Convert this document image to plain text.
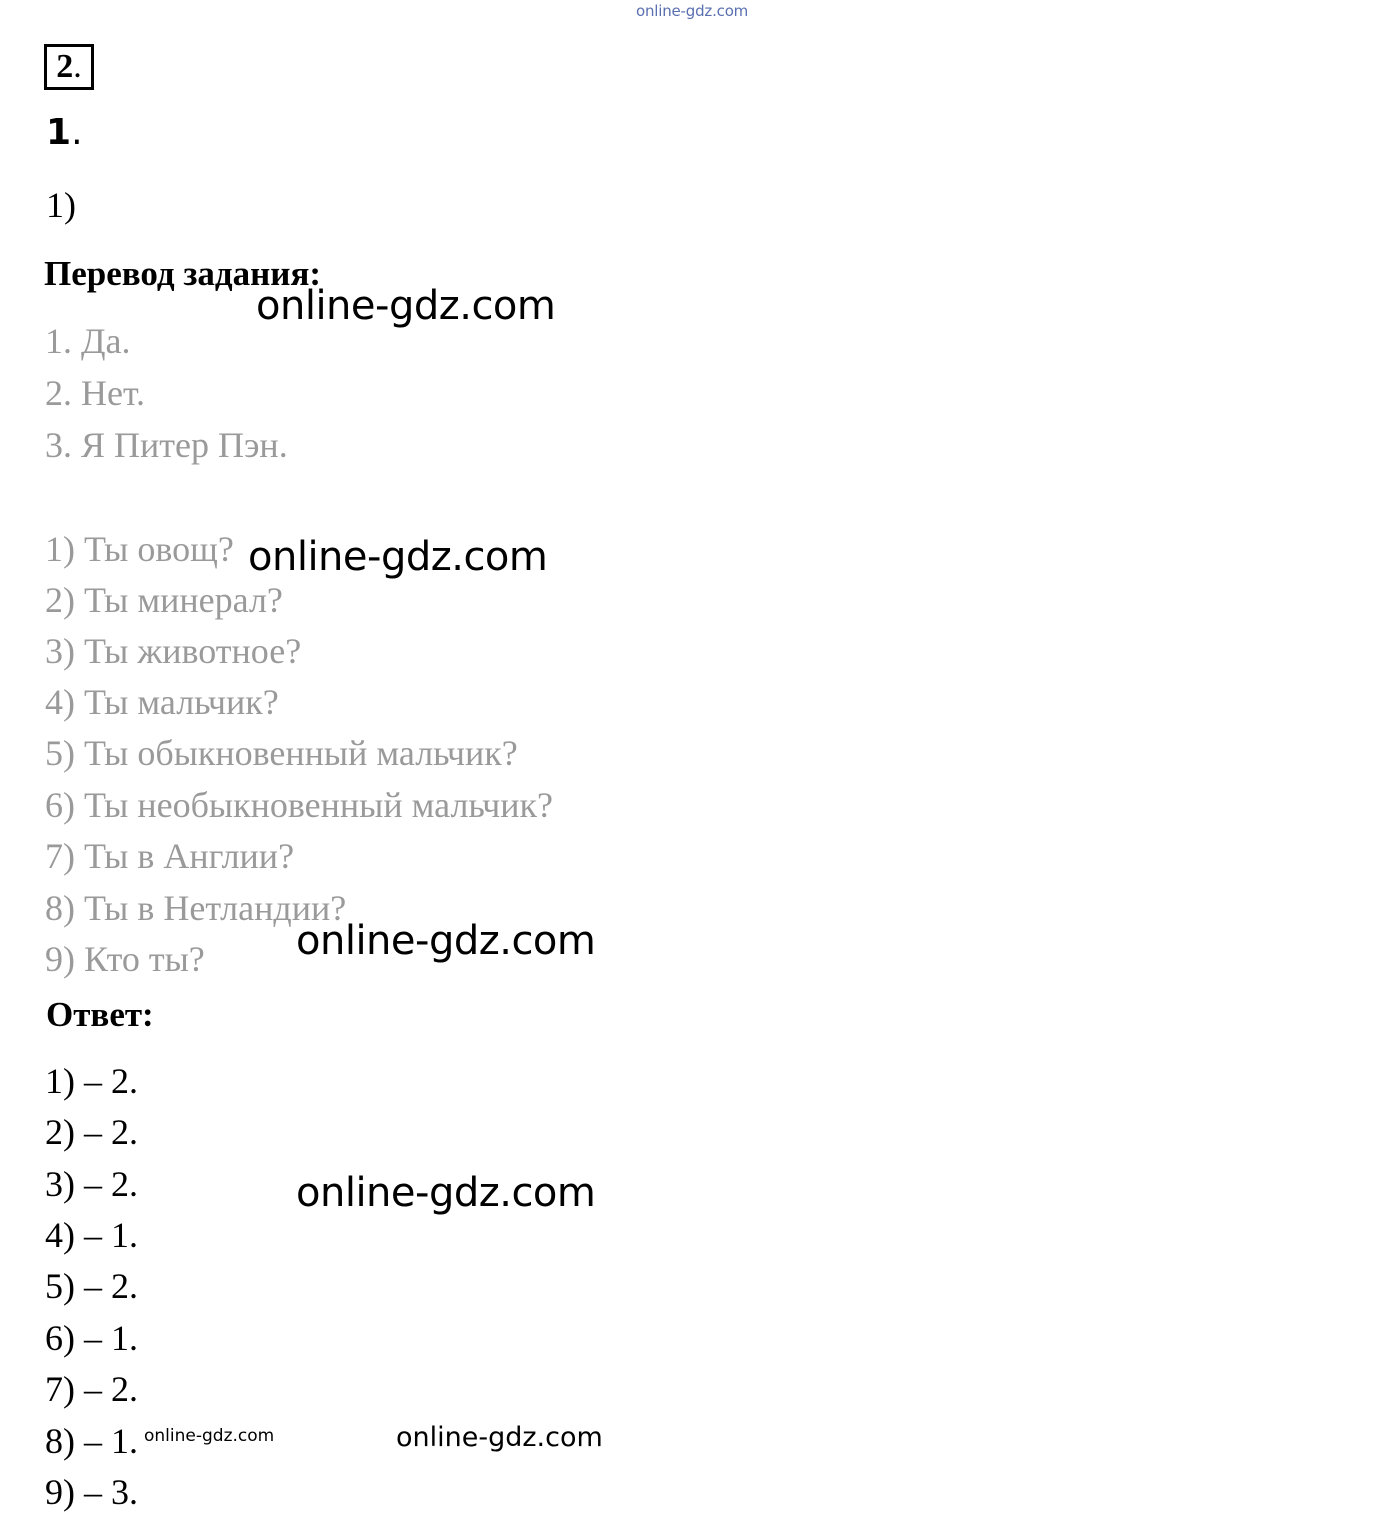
online-gdz.com
2.
1.
1)
Перевод задания:
1. Да.
2. Нет.
3. Я Питер Пэн.
1) Ты овощ?
2) Ты минерал?
3) Ты животное?
4) Ты мальчик?
5) Ты обыкновенный мальчик?
6) Ты необыкновенный мальчик?
7) Ты в Англии?
8) Ты в Нетландии?
9) Кто ты?
Ответ:
1) – 2.
2) – 2.
3) – 2.
4) – 1.
5) – 2.
6) – 1.
7) – 2.
8) – 1.
9) – 3.
online-gdz.com
online-gdz.com
online-gdz.com
online-gdz.com
online-gdz.com
online-gdz.com
